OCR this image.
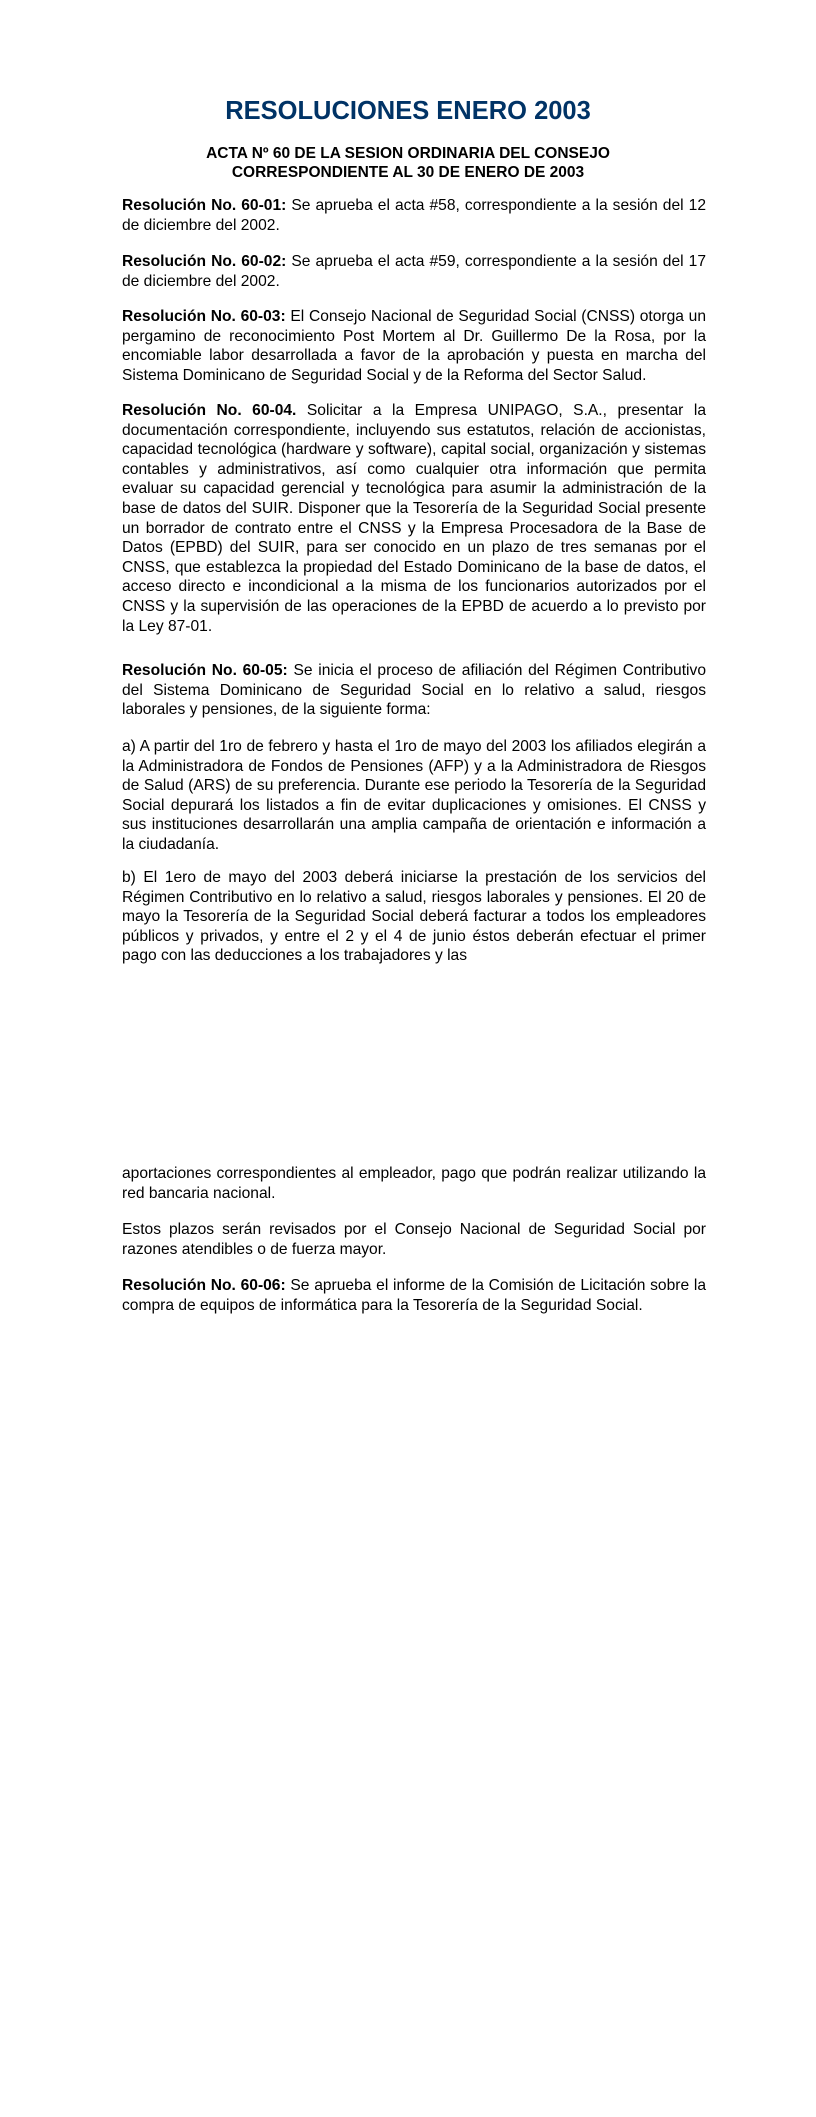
RESOLUCIONES ENERO 2003
ACTA Nº 60 DE LA SESION ORDINARIA DEL CONSEJO
CORRESPONDIENTE AL 30 DE ENERO DE 2003

Resolución No. 60-01: Se aprueba el acta #58, correspondiente a la sesión del 12 de diciembre del 2002.

Resolución No. 60-02: Se aprueba el acta #59, correspondiente a la sesión del 17 de diciembre del 2002.

Resolución No. 60-03: El Consejo Nacional de Seguridad Social (CNSS) otorga un pergamino de reconocimiento Post Mortem al Dr. Guillermo De la Rosa, por la encomiable labor desarrollada a favor de la aprobación y puesta en marcha del Sistema Dominicano de Seguridad Social y de la Reforma del Sector Salud.

Resolución No. 60-04. Solicitar a la Empresa UNIPAGO, S.A., presentar la documentación correspondiente, incluyendo sus estatutos, relación de accionistas, capacidad tecnológica (hardware y software), capital social, organización y sistemas contables y administrativos, así como cualquier otra información que permita evaluar su capacidad gerencial y tecnológica para asumir la administración de la base de datos del SUIR. Disponer que la Tesorería de la Seguridad Social presente un borrador de contrato entre el CNSS y la Empresa Procesadora de la Base de Datos (EPBD) del SUIR, para ser conocido en un plazo de tres semanas por el CNSS, que establezca la propiedad del Estado Dominicano de la base de datos, el acceso directo e incondicional a la misma de los funcionarios autorizados por el CNSS y la supervisión de las operaciones de la EPBD de acuerdo a lo previsto por la Ley 87-01.

Resolución No. 60-05: Se inicia el proceso de afiliación del Régimen Contributivo del Sistema Dominicano de Seguridad Social en lo relativo a salud, riesgos laborales y pensiones, de la siguiente forma:

a) A partir del 1ro de febrero y hasta el 1ro de mayo del 2003 los afiliados elegirán a la Administradora de Fondos de Pensiones (AFP) y a la Administradora de Riesgos de Salud (ARS) de su preferencia. Durante ese periodo la Tesorería de la Seguridad Social depurará los listados a fin de evitar duplicaciones y omisiones. El CNSS y sus instituciones desarrollarán una amplia campaña de orientación e información a la ciudadanía.

b) El 1ero de mayo del 2003 deberá iniciarse la prestación de los servicios del Régimen Contributivo en lo relativo a salud, riesgos laborales y pensiones. El 20 de mayo la Tesorería de la Seguridad Social deberá facturar a todos los empleadores públicos y privados, y entre el 2 y el 4 de junio éstos deberán efectuar el primer pago con las deducciones a los trabajadores y las

aportaciones correspondientes al empleador, pago que podrán realizar utilizando la red bancaria nacional.

Estos plazos serán revisados por el Consejo Nacional de Seguridad Social por razones atendibles o de fuerza mayor.

Resolución No. 60-06: Se aprueba el informe de la Comisión de Licitación sobre la compra de equipos de informática para la Tesorería de la Seguridad Social.
